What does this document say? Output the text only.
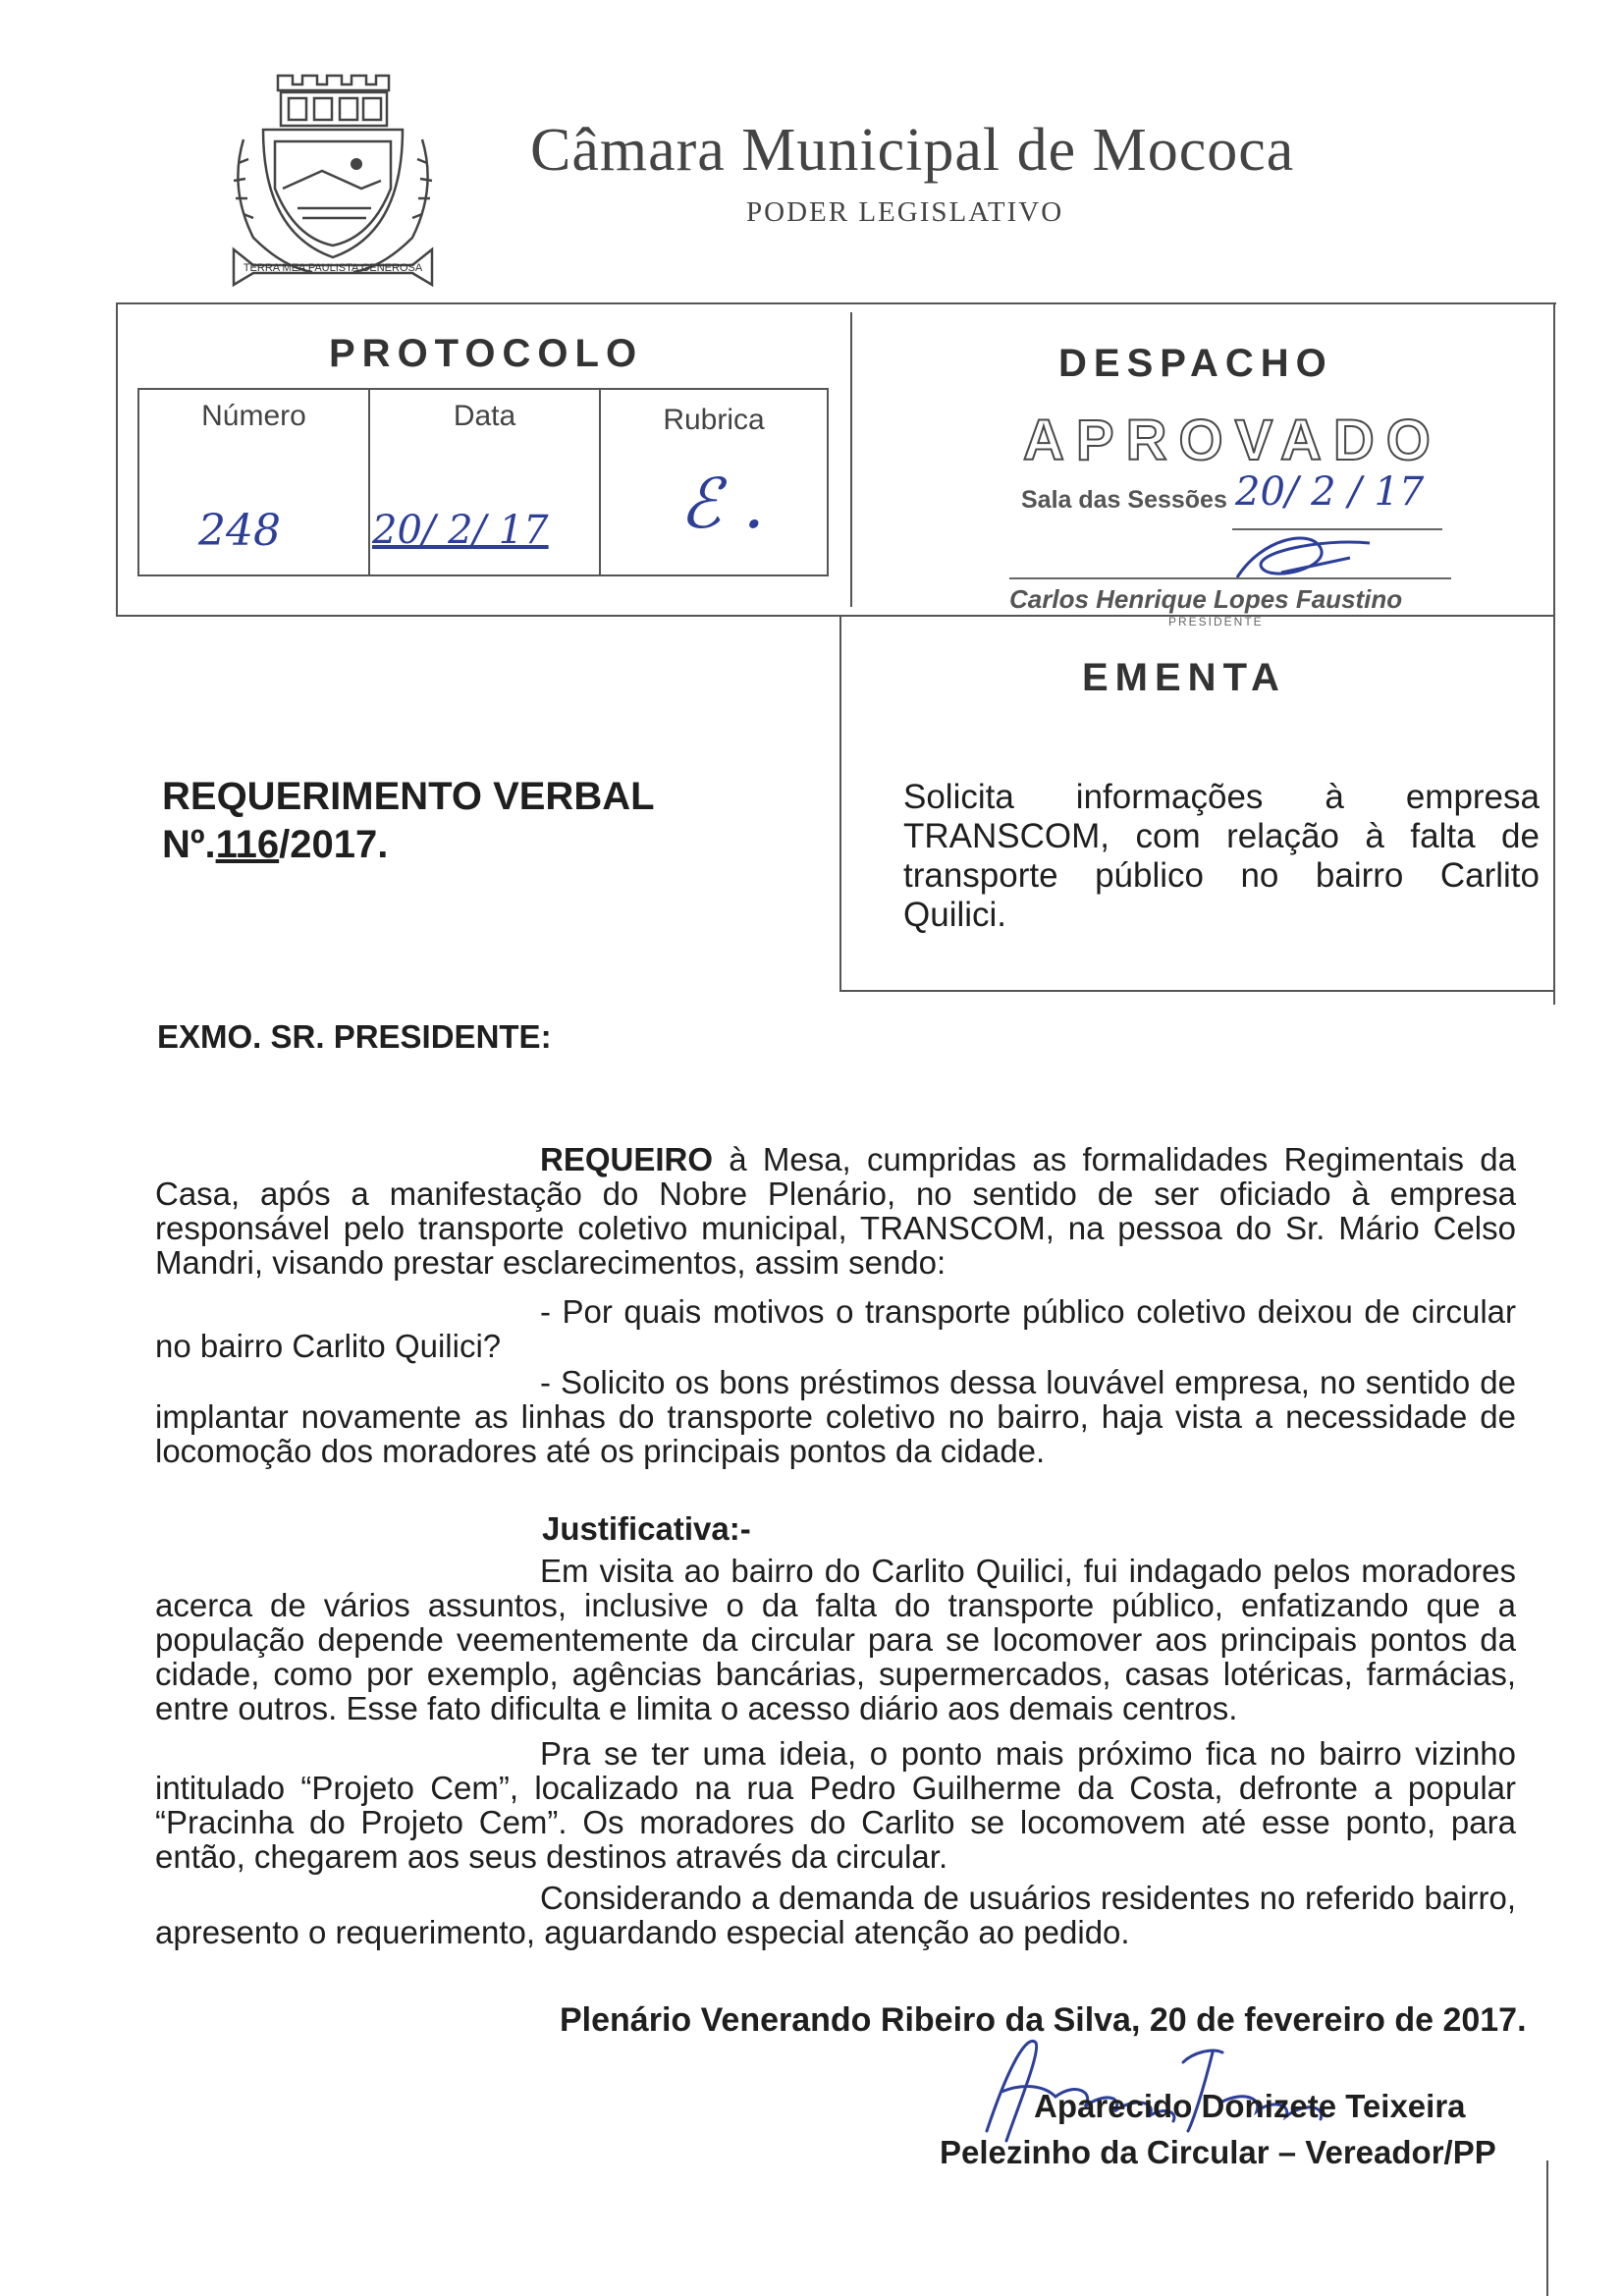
TERRA MEA PAULISTA GENEROSA
Câmara Municipal de Mococa
PODER LEGISLATIVO
PROTOCOLO
Número
248
Data
20/ 2/ 17
Rubrica
ℰ .
DESPACHO
APROVADO
Sala das Sessões 20/ 2 / 17
Carlos Henrique Lopes Faustino
PRESIDENTE
EMENTA
Solicita informações à empresa TRANSCOM, com relação à falta de transporte público no bairro Carlito Quilici.
REQUERIMENTO VERBAL
Nº.116/2017.
EXMO. SR. PRESIDENTE:
REQUEIRO à Mesa, cumpridas as formalidades Regimentais da Casa, após a manifestação do Nobre Plenário, no sentido de ser oficiado à empresa responsável pelo transporte coletivo municipal, TRANSCOM, na pessoa do Sr. Mário Celso Mandri, visando prestar esclarecimentos, assim sendo:
- Por quais motivos o transporte público coletivo deixou de circular no bairro Carlito Quilici?
- Solicito os bons préstimos dessa louvável empresa, no sentido de implantar novamente as linhas do transporte coletivo no bairro, haja vista a necessidade de locomoção dos moradores até os principais pontos da cidade.
Justificativa:-
Em visita ao bairro do Carlito Quilici, fui indagado pelos moradores acerca de vários assuntos, inclusive o da falta do transporte público, enfatizando que a população depende veementemente da circular para se locomover aos principais pontos da cidade, como por exemplo, agências bancárias, supermercados, casas lotéricas, farmácias, entre outros. Esse fato dificulta e limita o acesso diário aos demais centros.
Pra se ter uma ideia, o ponto mais próximo fica no bairro vizinho intitulado “Projeto Cem”, localizado na rua Pedro Guilherme da Costa, defronte a popular “Pracinha do Projeto Cem”. Os moradores do Carlito se locomovem até esse ponto, para então, chegarem aos seus destinos através da circular.
Considerando a demanda de usuários residentes no referido bairro, apresento o requerimento, aguardando especial atenção ao pedido.
Plenário Venerando Ribeiro da Silva, 20 de fevereiro de 2017.
Aparecido Donizete Teixeira
Pelezinho da Circular – Vereador/PP
